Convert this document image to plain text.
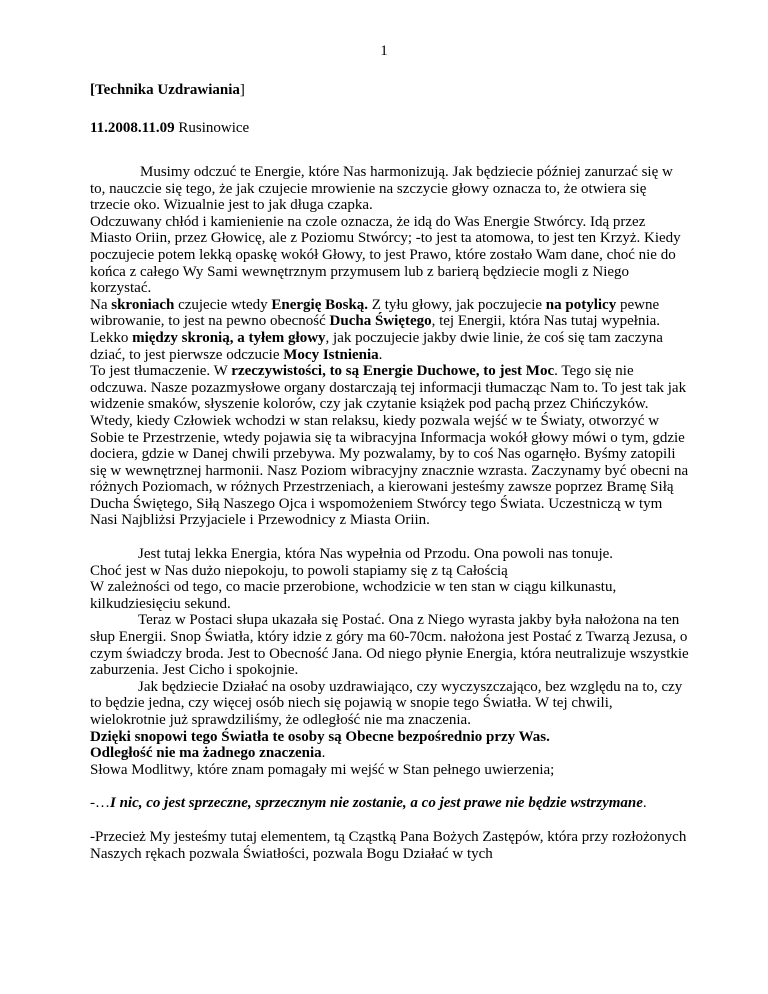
1
[Technika Uzdrawiania]
11.2008.11.09 Rusinowice

Musimy odczuć te Energie, które Nas harmonizują. Jak będziecie później zanurzać się w to, nauczcie się tego, że jak czujecie mrowienie na szczycie głowy oznacza to, że otwiera się trzecie oko. Wizualnie jest to jak długa czapka.

Odczuwany chłód i kamienienie na czole oznacza, że idą do Was Energie Stwórcy. Idą przez Miasto Oriin, przez Głowicę, ale z Poziomu Stwórcy; -to jest ta atomowa, to jest ten Krzyż. Kiedy poczujecie potem lekką opaskę wokół Głowy, to jest Prawo, które zostało Wam dane, choć nie do końca z całego Wy Sami wewnętrznym przymusem lub z barierą będziecie mogli z Niego korzystać.

Na skroniach czujecie wtedy Energię Boską. Z tyłu głowy, jak poczujecie na potylicy pewne wibrowanie, to jest na pewno obecność Ducha Świętego, tej Energii, która Nas tutaj wypełnia.

Lekko między skronią, a tyłem głowy, jak poczujecie jakby dwie linie, że coś się tam zaczyna dziać, to jest pierwsze odczucie Mocy Istnienia.

To jest tłumaczenie. W rzeczywistości, to są Energie Duchowe, to jest Moc. Tego się nie odczuwa. Nasze pozazmysłowe organy dostarczają tej informacji tłumacząc Nam to. To jest tak jak widzenie smaków, słyszenie kolorów, czy jak czytanie książek pod pachą przez Chińczyków.

Wtedy, kiedy Człowiek wchodzi w stan relaksu, kiedy pozwala wejść w te Światy, otworzyć w Sobie te Przestrzenie, wtedy pojawia się ta wibracyjna Informacja wokół głowy mówi o tym, gdzie dociera, gdzie w Danej chwili przebywa. My pozwalamy, by to coś Nas ogarnęło. Byśmy zatopili się w wewnętrznej harmonii. Nasz Poziom wibracyjny znacznie wzrasta. Zaczynamy być obecni na różnych Poziomach, w różnych Przestrzeniach, a kierowani jesteśmy zawsze poprzez Bramę Siłą Ducha Świętego, Siłą Naszego Ojca i wspomożeniem Stwórcy tego Świata. Uczestniczą w tym Nasi Najbliżsi Przyjaciele i Przewodnicy z Miasta Oriin.

Jest tutaj lekka Energia, która Nas wypełnia od Przodu. Ona powoli nas tonuje.

Choć jest w Nas dużo niepokoju, to powoli stapiamy się z tą Całością

W zależności od tego, co macie przerobione, wchodzicie w ten stan w ciągu kilkunastu, kilkudziesięciu sekund.

Teraz w Postaci słupa ukazała się Postać. Ona z Niego wyrasta jakby była nałożona na ten słup Energii. Snop Światła, który idzie z góry ma 60-70cm. nałożona jest Postać z Twarzą Jezusa, o czym świadczy broda. Jest to Obecność Jana. Od niego płynie Energia, która neutralizuje wszystkie zaburzenia. Jest Cicho i spokojnie.

Jak będziecie Działać na osoby uzdrawiająco, czy wyczyszczająco, bez względu na to, czy to będzie jedna, czy więcej osób niech się pojawią w snopie tego Światła. W tej chwili, wielokrotnie już sprawdziliśmy, że odległość nie ma znaczenia.

Dzięki snopowi tego Światła te osoby są Obecne bezpośrednio przy Was.

Odległość nie ma żadnego znaczenia.

Słowa Modlitwy, które znam pomagały mi wejść w Stan pełnego uwierzenia;

-…I nic, co jest sprzeczne, sprzecznym nie zostanie, a co jest prawe nie będzie wstrzymane.

-Przecież My jesteśmy tutaj elementem, tą Cząstką Pana Bożych Zastępów, która przy rozłożonych Naszych rękach pozwala Światłości, pozwala Bogu Działać w tych
